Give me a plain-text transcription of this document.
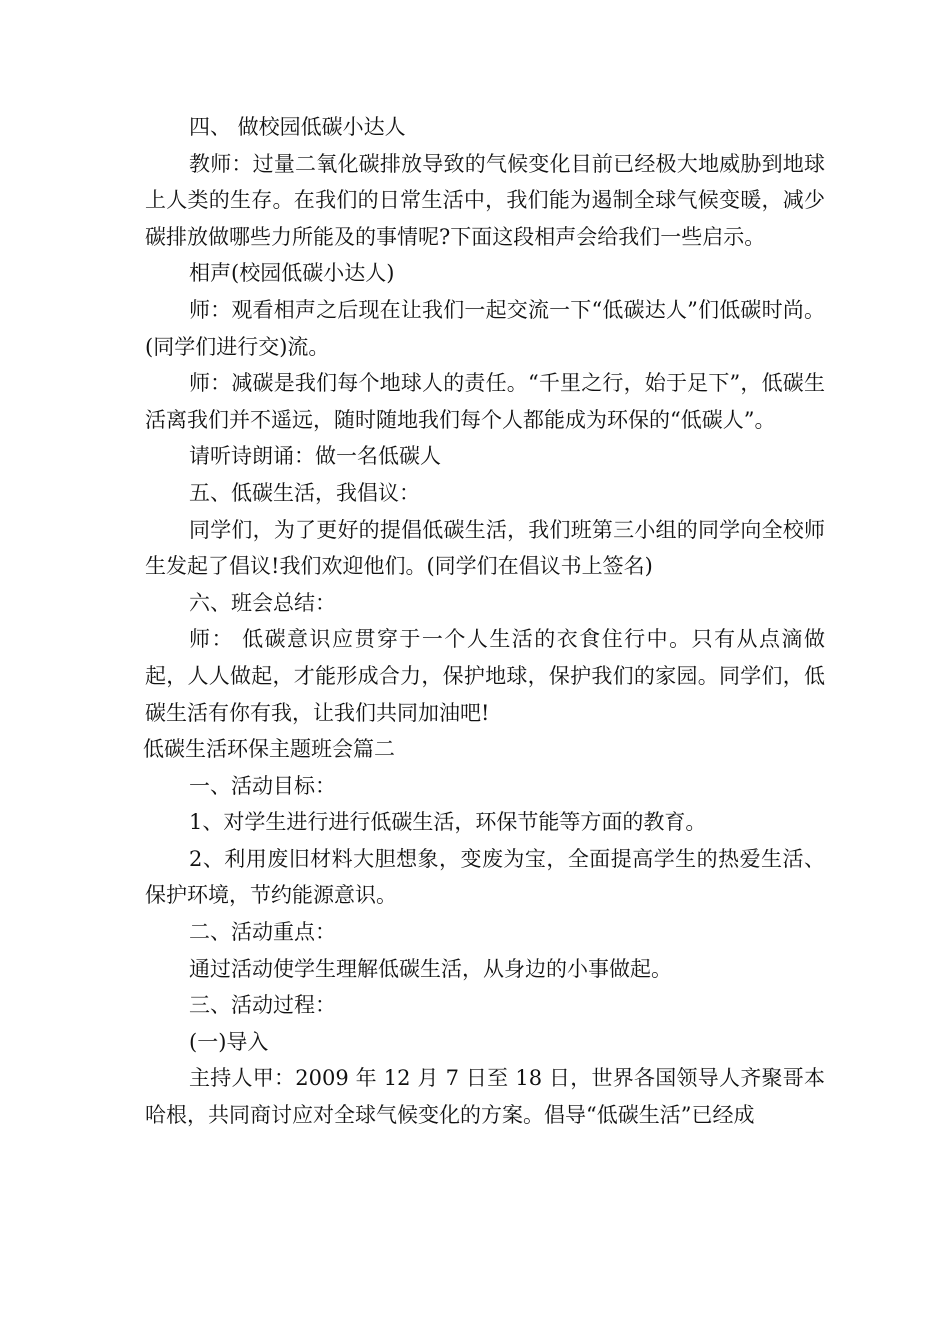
四、 做校园低碳小达人

教师：过量二氧化碳排放导致的气候变化目前已经极大地威胁到地球上人类的生存。在我们的日常生活中，我们能为遏制全球气候变暖，减少碳排放做哪些力所能及的事情呢?下面这段相声会给我们一些启示。

相声(校园低碳小达人)

师：观看相声之后现在让我们一起交流一下“低碳达人”们低碳时尚。(同学们进行交)流。

师：减碳是我们每个地球人的责任。“千里之行，始于足下”，低碳生活离我们并不遥远，随时随地我们每个人都能成为环保的“低碳人”。

请听诗朗诵：做一名低碳人

五、低碳生活，我倡议：

同学们，为了更好的提倡低碳生活，我们班第三小组的同学向全校师生发起了倡议!我们欢迎他们。(同学们在倡议书上签名)

六、班会总结：

师： 低碳意识应贯穿于一个人生活的衣食住行中。只有从点滴做起，人人做起，才能形成合力，保护地球，保护我们的家园。同学们，低碳生活有你有我，让我们共同加油吧!

低碳生活环保主题班会篇二

一、活动目标：

1、对学生进行进行低碳生活，环保节能等方面的教育。

2、利用废旧材料大胆想象，变废为宝，全面提高学生的热爱生活、保护环境，节约能源意识。

二、活动重点：

通过活动使学生理解低碳生活，从身边的小事做起。

三、活动过程：

(一)导入

主持人甲：2009 年 12 月 7 日至 18 日，世界各国领导人齐聚哥本哈根，共同商讨应对全球气候变化的方案。倡导“低碳生活”已经成
